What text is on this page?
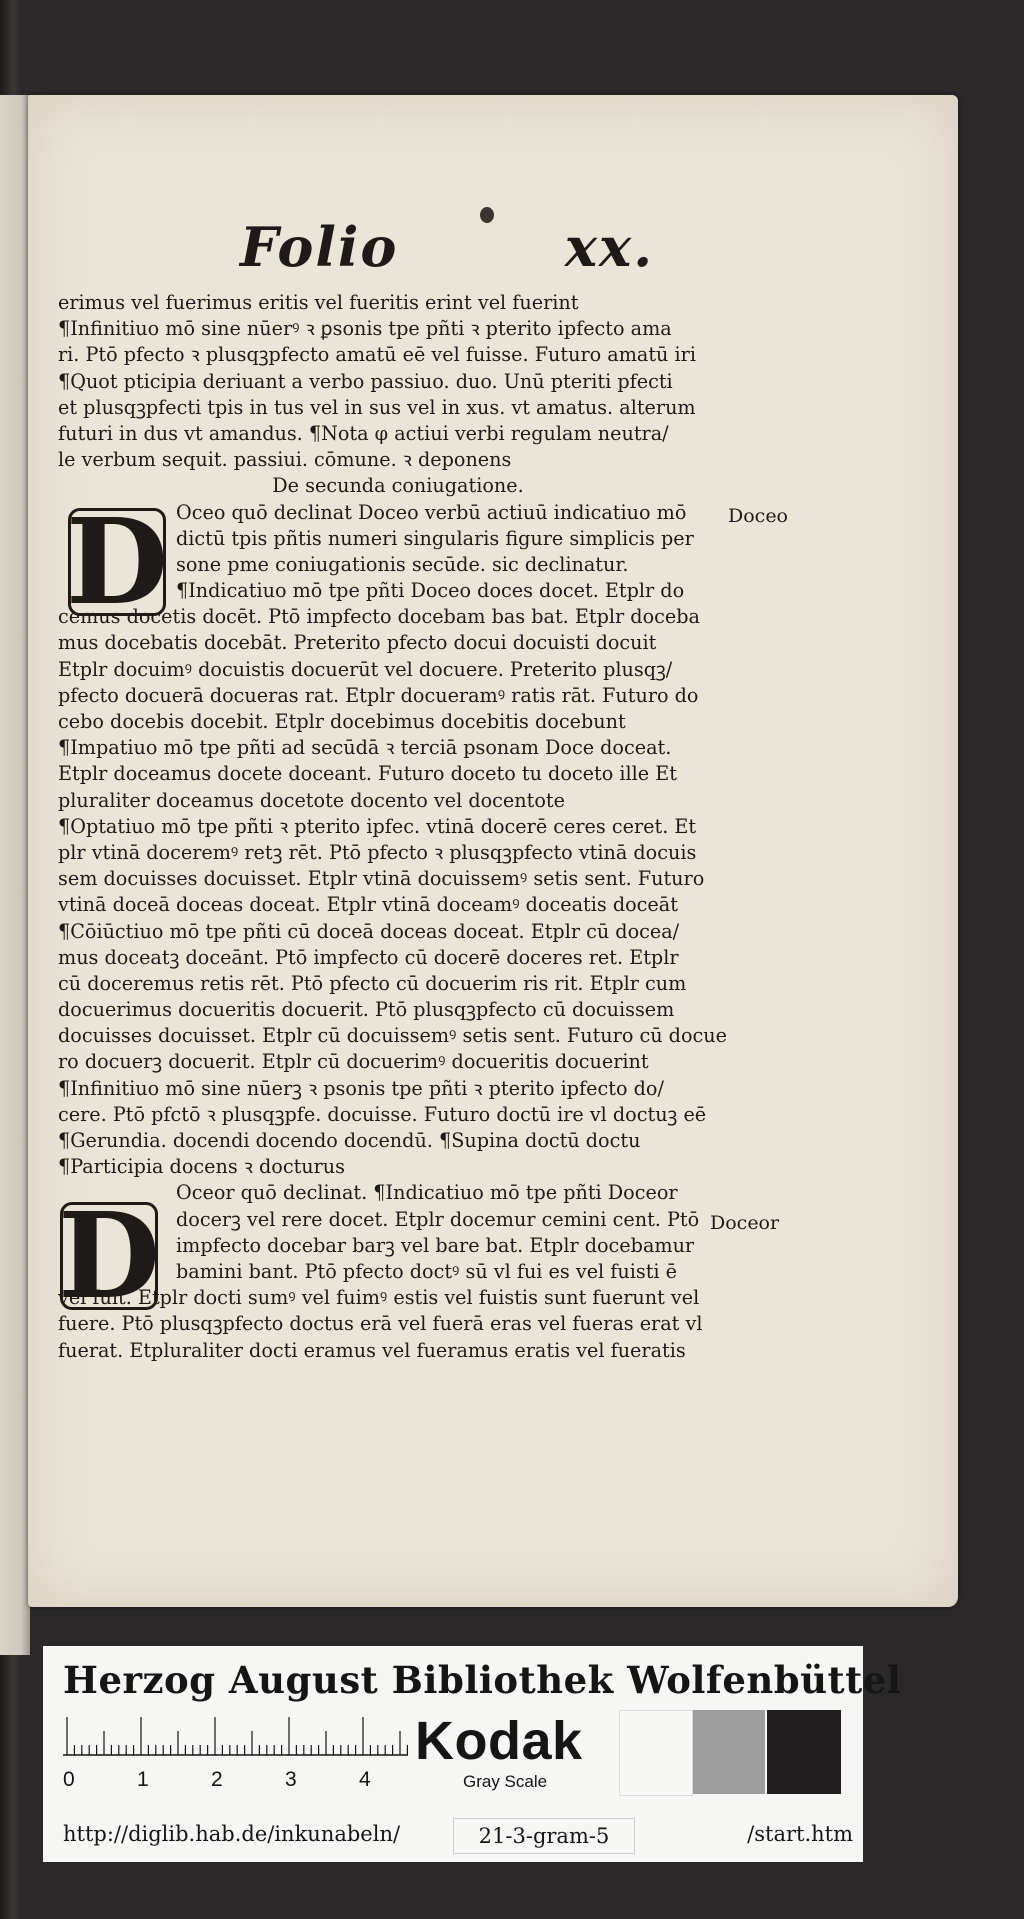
Folio        xx.
D
D
Doceo
Doceor
erimus vel fuerimus eritis vel fueritis erint vel fuerint
¶Infinitiuo mō sine nūerꝰ ꝛ ꝑsonis tpe pñti ꝛ pterito ipfecto ama
ri. Ptō pfecto ꝛ plusqꝫpfecto amatū eē vel fuisse. Futuro amatū iri
¶Quot pticipia deriuant a verbo passiuo. duo. Unū pteriti pfecti
et plusqꝫpfecti tpis in tus vel in sus vel in xus. vt amatus. alterum
futuri in dus vt amandus. ¶Nota φ actiui verbi regulam neutra/
le verbum sequit. passiui. cōmune. ꝛ deponens
De secunda coniugatione.
Oceo quō declinat Doceo verbū actiuū indicatiuo mō
dictū tpis pñtis numeri singularis figure simplicis per
sone pme coniugationis secūde. sic declinatur.
¶Indicatiuo mō tpe pñti Doceo doces docet. Etplr do
cemus docetis docēt. Ptō impfecto docebam bas bat. Etplr doceba
mus docebatis docebāt. Preterito pfecto docui docuisti docuit
Etplr docuimꝰ docuistis docuerūt vel docuere. Preterito plusqꝫ/
pfecto docuerā docueras rat. Etplr docueramꝰ ratis rāt. Futuro do
cebo docebis docebit. Etplr docebimus docebitis docebunt
¶Impatiuo mō tpe pñti ad secūdā ꝛ terciā psonam Doce doceat.
Etplr doceamus docete doceant. Futuro doceto tu doceto ille Et
pluraliter doceamus docetote docento vel docentote
¶Optatiuo mō tpe pñti ꝛ pterito ipfec. vtinā docerē ceres ceret. Et
plr vtinā doceremꝰ retꝫ rēt. Ptō pfecto ꝛ plusqꝫpfecto vtinā docuis
sem docuisses docuisset. Etplr vtinā docuissemꝰ setis sent. Futuro
vtinā doceā doceas doceat. Etplr vtinā doceamꝰ doceatis doceāt
¶Cōiūctiuo mō tpe pñti cū doceā doceas doceat. Etplr cū docea/
mus doceatꝫ doceānt. Ptō impfecto cū docerē doceres ret. Etplr
cū doceremus retis rēt. Ptō pfecto cū docuerim ris rit. Etplr cum
docuerimus docueritis docuerit. Ptō plusqꝫpfecto cū docuissem
docuisses docuisset. Etplr cū docuissemꝰ setis sent. Futuro cū docue
ro docuerꝫ docuerit. Etplr cū docuerimꝰ docueritis docuerint
¶Infinitiuo mō sine nūerꝫ ꝛ psonis tpe pñti ꝛ pterito ipfecto do/
cere. Ptō pfctō ꝛ plusqꝫpfe. docuisse. Futuro doctū ire vl doctuꝫ eē
¶Gerundia. docendi docendo docendū. ¶Supina doctū doctu
¶Participia docens ꝛ docturus
Oceor quō declinat. ¶Indicatiuo mō tpe pñti Doceor
docerꝫ vel rere docet. Etplr docemur cemini cent. Ptō
impfecto docebar barꝫ vel bare bat. Etplr docebamur
bamini bant. Ptō pfecto doctꝰ sū vl fui es vel fuisti ē
vel fuit. Etplr docti sumꝰ vel fuimꝰ estis vel fuistis sunt fuerunt vel
fuere. Ptō plusqꝫpfecto doctus erā vel fuerā eras vel fueras erat vl
fuerat. Etpluraliter docti eramus vel fueramus eratis vel fueratis
Herzog August Bibliothek Wolfenbüttel
0	1	2	3	4
Kodak
Gray Scale
http://diglib.hab.de/inkunabeln/	21-3-gram-5	/start.htm
